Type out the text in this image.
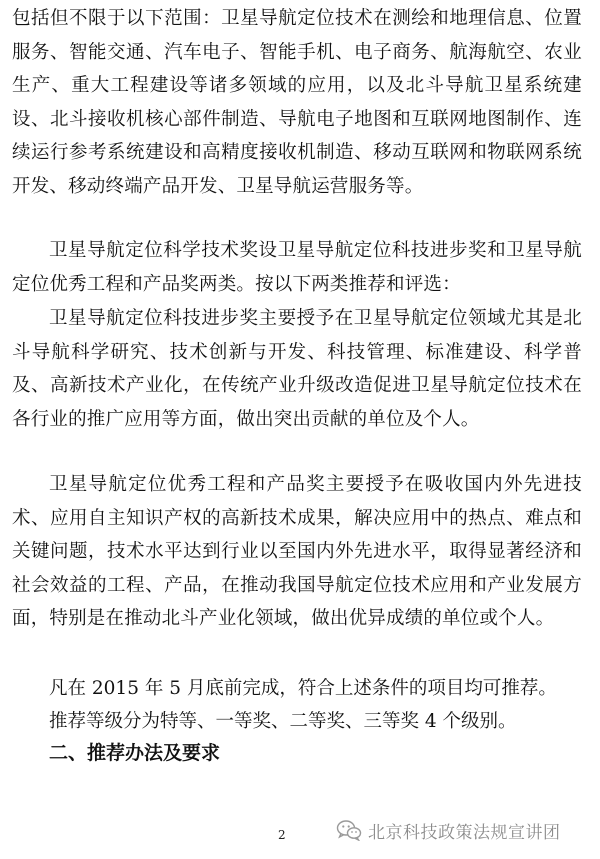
包括但不限于以下范围：卫星导航定位技术在测绘和地理信息、位置服务、智能交通、汽车电子、智能手机、电子商务、航海航空、农业生产、重大工程建设等诸多领域的应用，以及北斗导航卫星系统建设、北斗接收机核心部件制造、导航电子地图和互联网地图制作、连续运行参考系统建设和高精度接收机制造、移动互联网和物联网系统开发、移动终端产品开发、卫星导航运营服务等。

卫星导航定位科学技术奖设卫星导航定位科技进步奖和卫星导航定位优秀工程和产品奖两类。按以下两类推荐和评选：

卫星导航定位科技进步奖主要授予在卫星导航定位领域尤其是北斗导航科学研究、技术创新与开发、科技管理、标准建设、科学普及、高新技术产业化，在传统产业升级改造促进卫星导航定位技术在各行业的推广应用等方面，做出突出贡献的单位及个人。

卫星导航定位优秀工程和产品奖主要授予在吸收国内外先进技术、应用自主知识产权的高新技术成果，解决应用中的热点、难点和关键问题，技术水平达到行业以至国内外先进水平，取得显著经济和社会效益的工程、产品，在推动我国导航定位技术应用和产业发展方面，特别是在推动北斗产业化领域，做出优异成绩的单位或个人。

凡在 2015 年 5 月底前完成，符合上述条件的项目均可推荐。

推荐等级分为特等、一等奖、二等奖、三等奖 4 个级别。

二、推荐办法及要求
2	北京科技政策法规宣讲团
